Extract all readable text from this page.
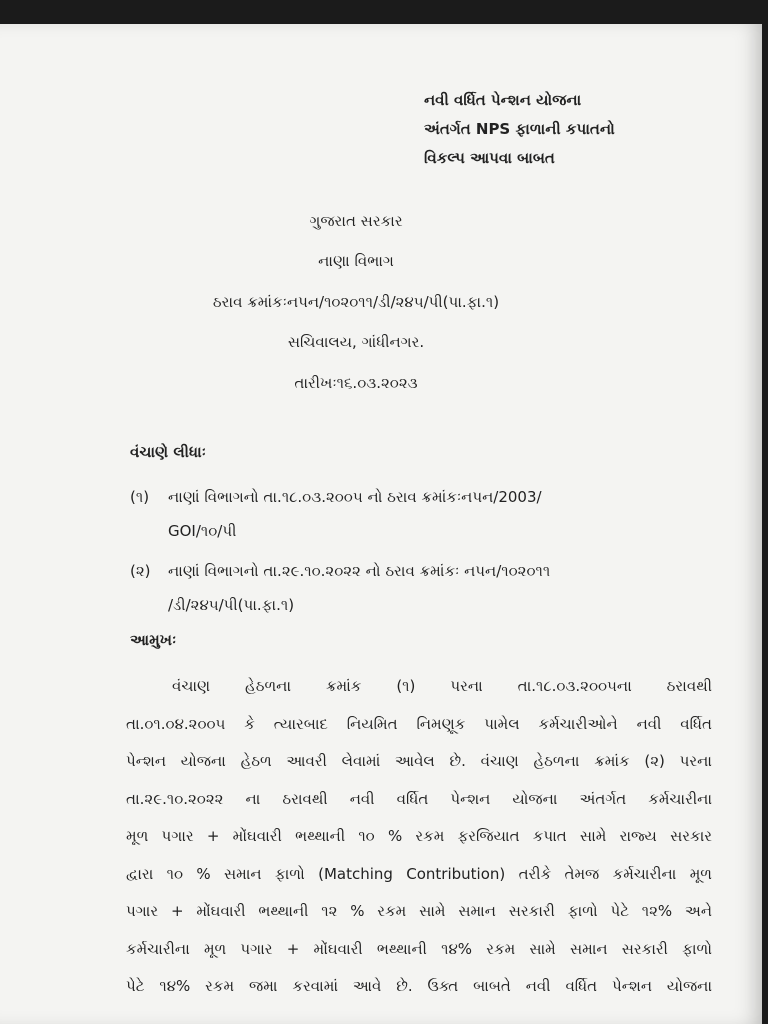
નવી વર્ધિત પેન્શન યોજના
અંતર્ગત NPS ફાળાની કપાતનો
વિકલ્પ આપવા બાબત
ગુજરાત સરકાર
નાણા વિભાગ
ઠરાવ ક્રમાંકઃનપન/૧૦૨૦૧૧/ડી/૨૪૫/પી(પા.ફા.૧)
સચિવાલય, ગાંધીનગર.
તારીખઃ૧૬.૦૩.૨૦૨૩
વંચાણે લીધાઃ
(૧) નાણાં વિભાગનો તા.૧૮.૦૩.૨૦૦૫ નો ઠરાવ ક્રમાંકઃનપન/2003/
GOI/૧૦/પી
(૨) નાણાં વિભાગનો તા.૨૯.૧૦.૨૦૨૨ નો ઠરાવ ક્રમાંકઃ નપન/૧૦૨૦૧૧
/ડી/૨૪૫/પી(પા.ફા.૧)
આમુખઃ
વંચાણ હેઠળના ક્રમાંક (૧) પરના તા.૧૮.૦૩.૨૦૦૫ના ઠરાવથી
તા.૦૧.૦૪.૨૦૦૫ કે ત્યારબાદ નિયમિત નિમણૂક પામેલ કર્મચારીઓને નવી વર્ધિત
પેન્શન યોજના હેઠળ આવરી લેવામાં આવેલ છે. વંચાણ હેઠળના ક્રમાંક (૨) પરના
તા.૨૯.૧૦.૨૦૨૨ ના ઠરાવથી નવી વર્ધિત પેન્શન યોજના અંતર્ગત કર્મચારીના
મૂળ પગાર + મોંઘવારી ભથ્થાની ૧૦ % રકમ ફરજિયાત કપાત સામે રાજ્ય સરકાર
દ્વારા ૧૦ % સમાન ફાળો (Matching Contribution) તરીકે તેમજ કર્મચારીના મૂળ
પગાર + મોંઘવારી ભથ્થાની ૧૨ % રકમ સામે સમાન સરકારી ફાળો પેટે ૧૨% અને
કર્મચારીના મૂળ પગાર + મોંઘવારી ભથ્થાની ૧૪% રકમ સામે સમાન સરકારી ફાળો
પેટે ૧૪% રકમ જમા કરવામાં આવે છે. ઉક્ત બાબતે નવી વર્ધિત પેન્શન યોજના
